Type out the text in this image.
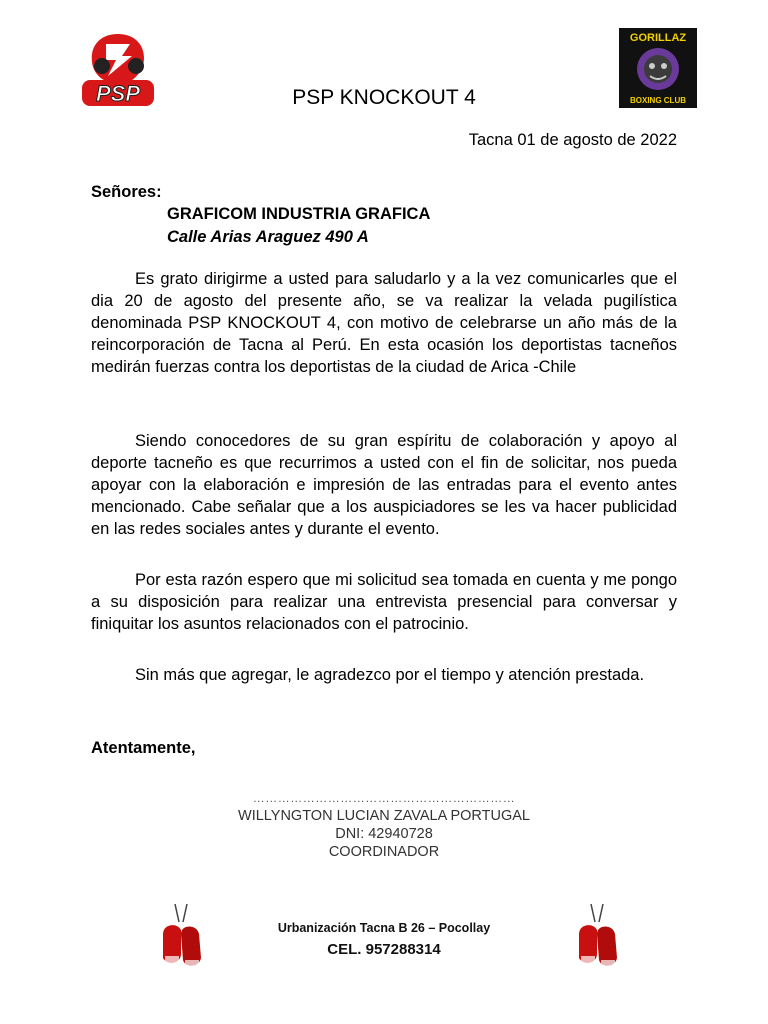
PSP
GORILLAZ
BOXING CLUB
PSP KNOCKOUT 4
Tacna 01 de agosto de 2022
Señores:
GRAFICOM INDUSTRIA GRAFICA
Calle Arias Araguez 490 A
Es grato dirigirme a usted para saludarlo y a la vez comunicarles que el dia 20 de agosto del presente año, se va realizar la velada pugilística denominada PSP KNOCKOUT 4, con motivo de celebrarse un año más de la reincorporación de Tacna al Perú. En esta ocasión los deportistas tacneños medirán fuerzas contra los deportistas de la ciudad de Arica -Chile
Siendo conocedores de su gran espíritu de colaboración y apoyo al deporte tacneño es que recurrimos a usted con el fin de solicitar, nos pueda apoyar con la elaboración e impresión de las entradas para el evento antes mencionado. Cabe señalar que a los auspiciadores se les va hacer publicidad en las redes sociales antes y durante el evento.
Por esta razón espero que mi solicitud sea tomada en cuenta y me pongo a su disposición para realizar una entrevista presencial para conversar y finiquitar los asuntos relacionados con el patrocinio.
Sin más que agregar, le agradezco por el tiempo y atención prestada.
Atentamente,
………………………………………………………
WILLYNGTON LUCIAN ZAVALA PORTUGAL
DNI: 42940728
COORDINADOR
Urbanización Tacna B 26 – Pocollay
CEL. 957288314
